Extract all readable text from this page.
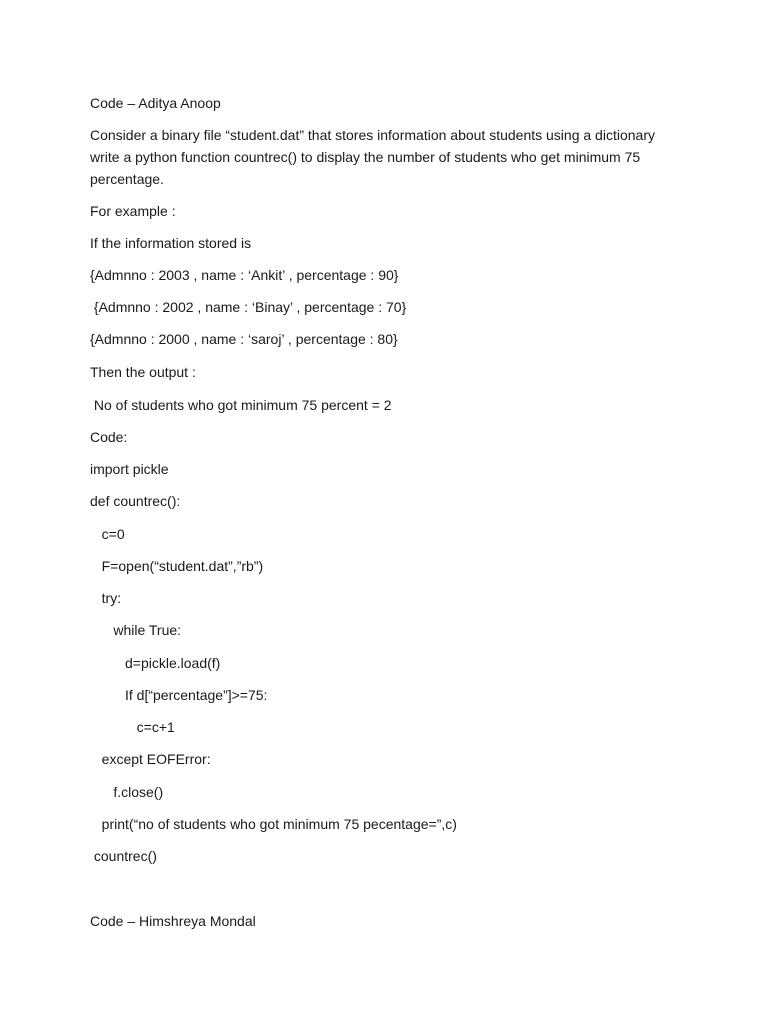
Code – Aditya Anoop

Consider a binary file “student.dat” that stores information about students using a dictionary write a python function countrec() to display the number of students who get minimum 75 percentage.

For example :

If the information stored is

{Admnno : 2003 , name : ‘Ankit’ , percentage : 90}

{Admnno : 2002 , name : ‘Binay’ , percentage : 70}

{Admnno : 2000 , name : ‘saroj’ , percentage : 80}

Then the output :

No of students who got minimum 75 percent = 2

Code:

import pickle

def countrec():

c=0

F=open(“student.dat”,”rb”)

try:

while True:

d=pickle.load(f)

If d[“percentage”]>=75:

c=c+1

except EOFError:

f.close()

print(“no of students who got minimum 75 pecentage=”,c)

countrec()

Code – Himshreya Mondal
